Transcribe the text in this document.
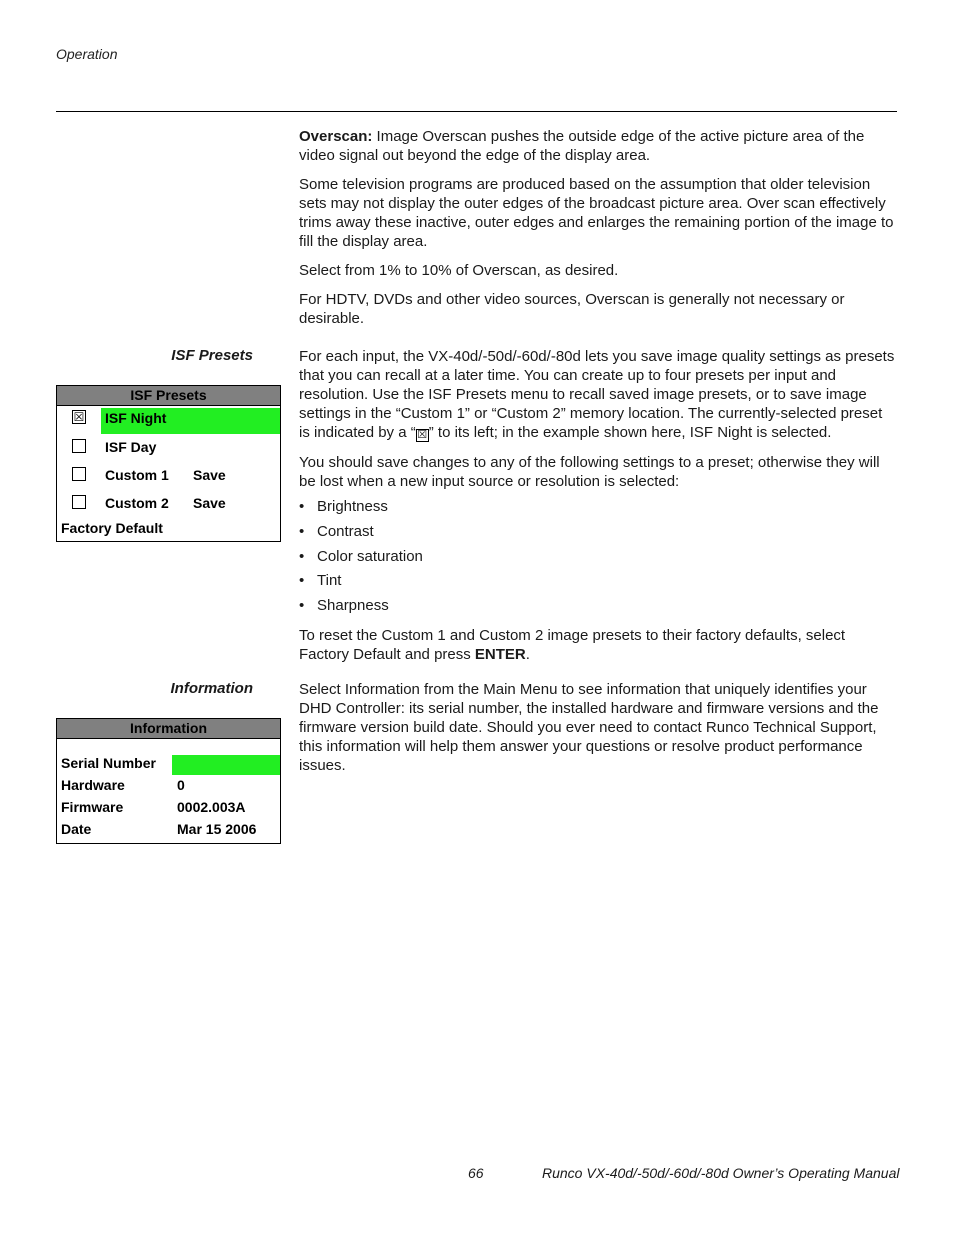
Operation

Overscan: Image Overscan pushes the outside edge of the active picture area of the video signal out beyond the edge of the display area.

Some television programs are produced based on the assumption that older television sets may not display the outer edges of the broadcast picture area. Over scan effectively trims away these inactive, outer edges and enlarges the remaining portion of the image to fill the display area.

Select from 1% to 10% of Overscan, as desired.

For HDTV, DVDs and other video sources, Overscan is generally not necessary or desirable.

ISF Presets	For each input, the VX-40d/-50d/-60d/-80d lets you save image quality settings as presets that you can recall at a later time. You can create up to four presets per input and resolution. Use the ISF Presets menu to recall saved image presets, or to save image settings in the “Custom 1” or “Custom 2” memory location. The currently-selected preset is indicated by a “ ☒ ” to its left; in the example shown here, ISF Night is selected.

You should save changes to any of the following settings to a preset; otherwise they will be lost when a new input source or resolution is selected:

• Brightness
• Contrast
• Color saturation
• Tint
• Sharpness

To reset the Custom 1 and Custom 2 image presets to their factory defaults, select Factory Default and press ENTER.

ISF Presets
☒ ISF Night
ISF Day
Custom 1 Save
Custom 2 Save
Factory Default
Information	Select Information from the Main Menu to see information that uniquely identifies your DHD Controller: its serial number, the installed hardware and firmware versions and the firmware version build date. Should you ever need to contact Runco Technical Support, this information will help them answer your questions or resolve product performance issues.

Information
Serial Number
Hardware	0
Firmware	0002.003A
Date	Mar 15 2006
66	Runco VX-40d/-50d/-60d/-80d Owner’s Operating Manual
